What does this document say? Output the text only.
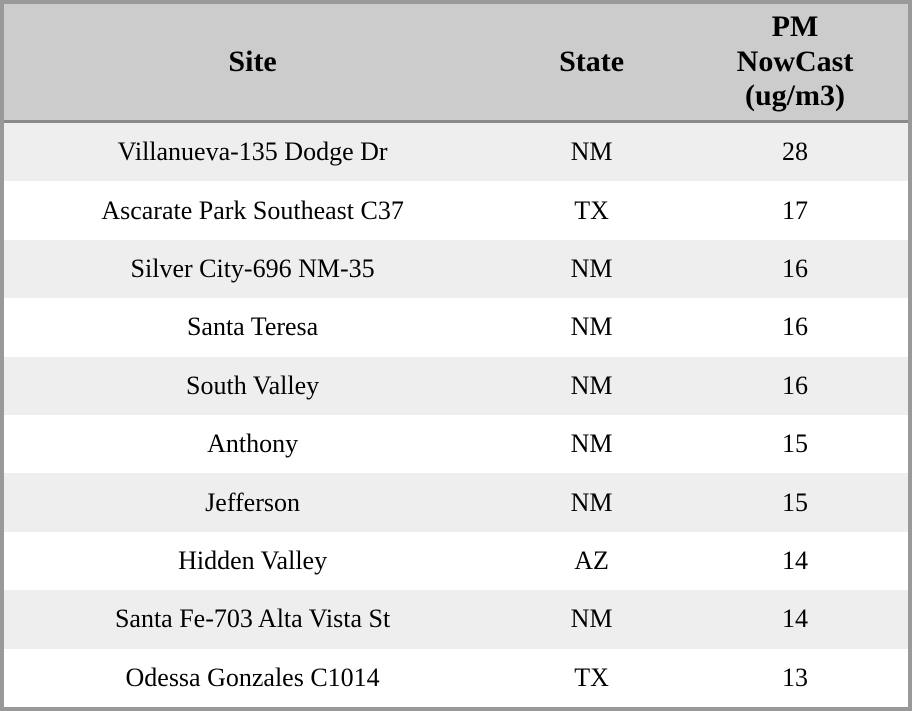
Site	State	PM
NowCast
(ug/m3)

Villanueva-135 Dodge Dr	NM	28
Ascarate Park Southeast C37	TX	17
Silver City-696 NM-35	NM	16
Santa Teresa	NM	16
South Valley	NM	16
Anthony	NM	15
Jefferson	NM	15
Hidden Valley	AZ	14
Santa Fe-703 Alta Vista St	NM	14
Odessa Gonzales C1014	TX	13
